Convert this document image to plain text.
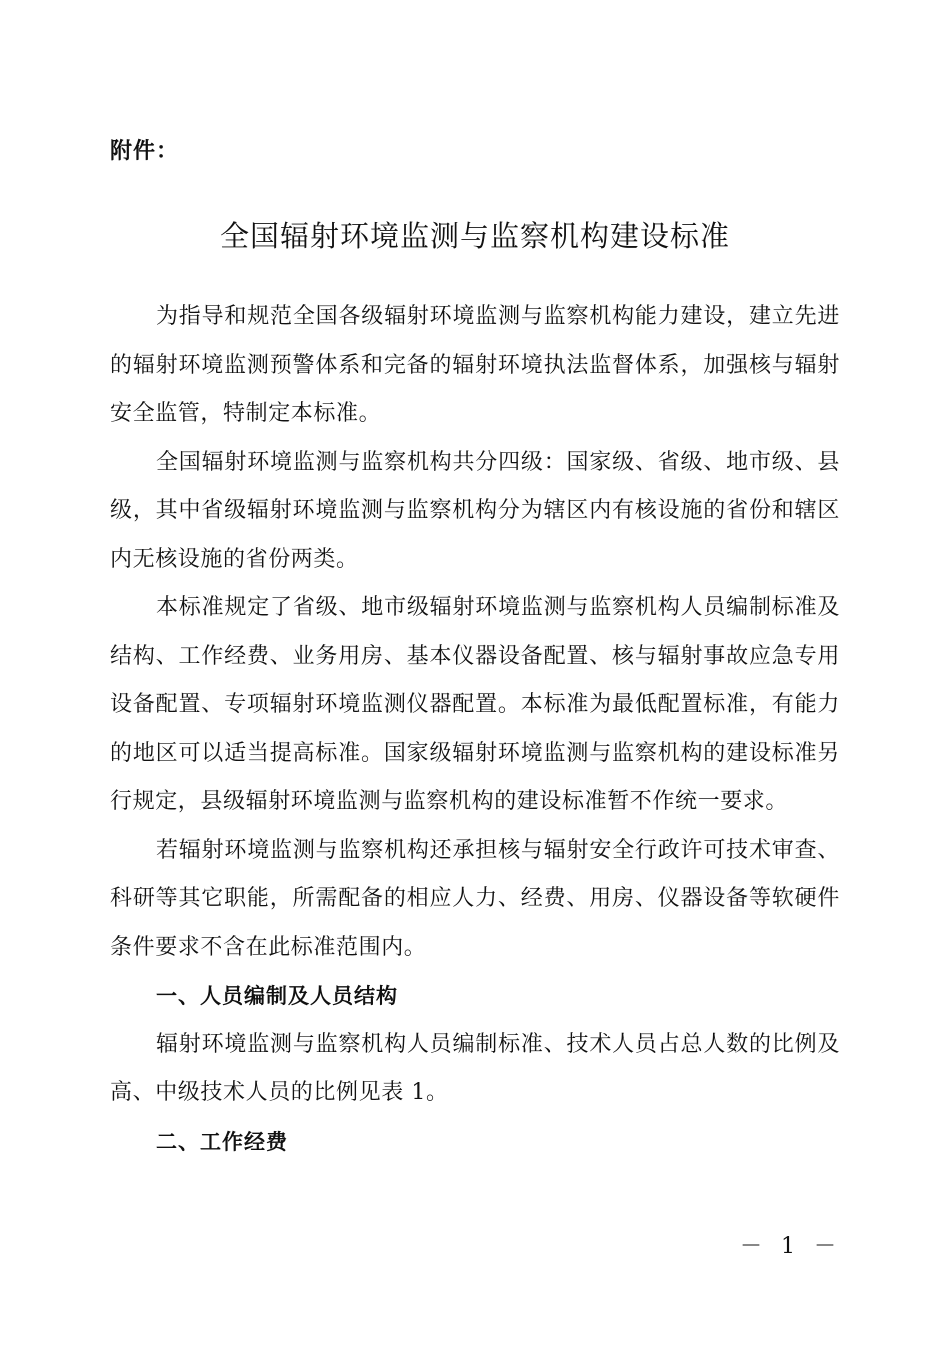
附件：
全国辐射环境监测与监察机构建设标准

为指导和规范全国各级辐射环境监测与监察机构能力建设，建立先进的辐射环境监测预警体系和完备的辐射环境执法监督体系，加强核与辐射安全监管，特制定本标准。

全国辐射环境监测与监察机构共分四级：国家级、省级、地市级、县级，其中省级辐射环境监测与监察机构分为辖区内有核设施的省份和辖区内无核设施的省份两类。

本标准规定了省级、地市级辐射环境监测与监察机构人员编制标准及结构、工作经费、业务用房、基本仪器设备配置、核与辐射事故应急专用设备配置、专项辐射环境监测仪器配置。本标准为最低配置标准，有能力的地区可以适当提高标准。国家级辐射环境监测与监察机构的建设标准另行规定，县级辐射环境监测与监察机构的建设标准暂不作统一要求。

若辐射环境监测与监察机构还承担核与辐射安全行政许可技术审查、科研等其它职能，所需配备的相应人力、经费、用房、仪器设备等软硬件条件要求不含在此标准范围内。

一、人员编制及人员结构

辐射环境监测与监察机构人员编制标准、技术人员占总人数的比例及高、中级技术人员的比例见表 1。

二、工作经费

－ 1 －
